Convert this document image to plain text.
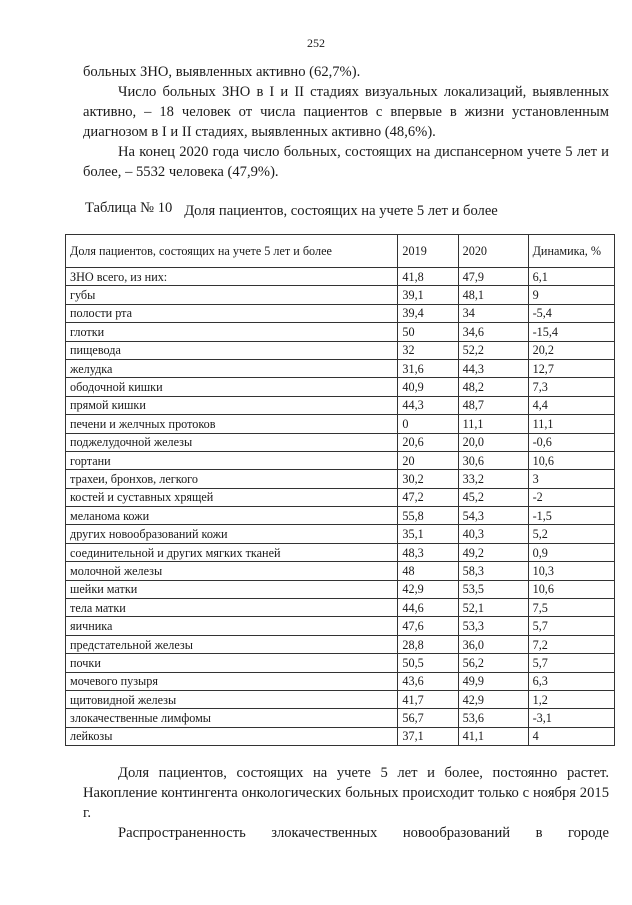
252

больных ЗНО, выявленных активно (62,7%).

Число больных ЗНО в I и II стадиях визуальных локализаций, выявленных активно, – 18 человек от числа пациентов с впервые в жизни установленным диагнозом в I и II стадиях, выявленных активно (48,6%).

На конец 2020 года число больных, состоящих на диспансерном учете 5 лет и более, – 5532 человека (47,9%).

Таблица № 10 Доля пациентов, состоящих на учете 5 лет и более
Доля пациентов, состоящих на учете 5 лет и более	2019	2020	Динамика, %
ЗНО всего, из них:	41,8	47,9	6,1
губы	39,1	48,1	9
полости рта	39,4	34	-5,4
глотки	50	34,6	-15,4
пищевода	32	52,2	20,2
желудка	31,6	44,3	12,7
ободочной кишки	40,9	48,2	7,3
прямой кишки	44,3	48,7	4,4
печени и желчных протоков	0	11,1	11,1
поджелудочной железы	20,6	20,0	-0,6
гортани	20	30,6	10,6
трахеи, бронхов, легкого	30,2	33,2	3
костей и суставных хрящей	47,2	45,2	-2
меланома кожи	55,8	54,3	-1,5
других новообразований кожи	35,1	40,3	5,2
соединительной и других мягких тканей	48,3	49,2	0,9
молочной железы	48	58,3	10,3
шейки матки	42,9	53,5	10,6
тела матки	44,6	52,1	7,5
яичника	47,6	53,3	5,7
предстательной железы	28,8	36,0	7,2
почки	50,5	56,2	5,7
мочевого пузыря	43,6	49,9	6,3
щитовидной железы	41,7	42,9	1,2
злокачественные лимфомы	56,7	53,6	-3,1
лейкозы	37,1	41,1	4

Доля пациентов, состоящих на учете 5 лет и более, постоянно растет. Накопление контингента онкологических больных происходит только с ноября 2015 г.

Распространенность злокачественных новообразований в городе
